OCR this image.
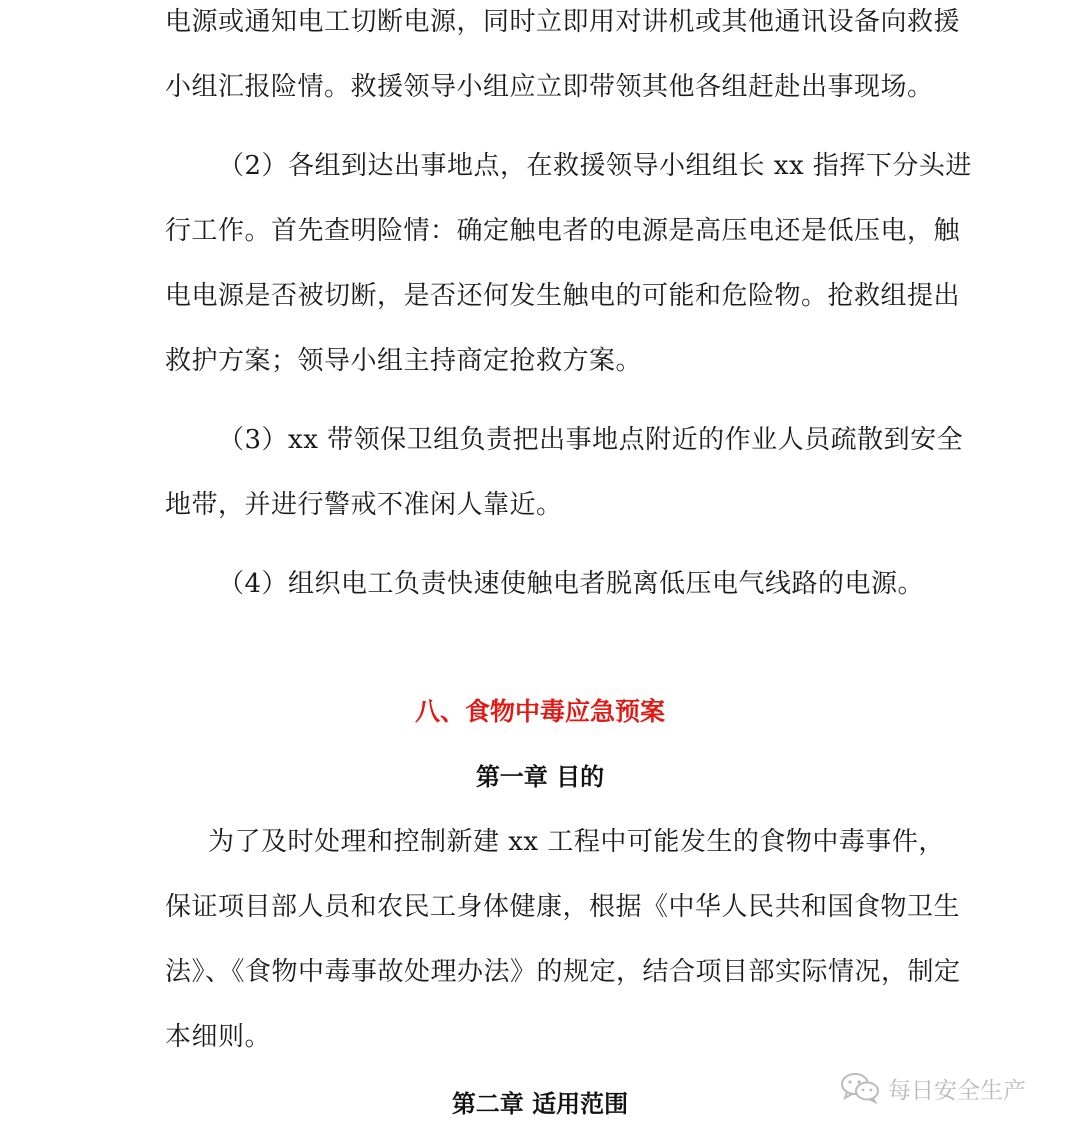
电源或通知电工切断电源，同时立即用对讲机或其他通讯设备向救援
小组汇报险情。救援领导小组应立即带领其他各组赶赴出事现场。
（2）各组到达出事地点，在救援领导小组组长 xx 指挥下分头进
行工作。首先查明险情：确定触电者的电源是高压电还是低压电，触
电电源是否被切断，是否还何发生触电的可能和危险物。抢救组提出
救护方案；领导小组主持商定抢救方案。
（3）xx 带领保卫组负责把出事地点附近的作业人员疏散到安全
地带，并进行警戒不准闲人靠近。
（4）组织电工负责快速使触电者脱离低压电气线路的电源。
八、食物中毒应急预案
第一章 目的
为了及时处理和控制新建 xx 工程中可能发生的食物中毒事件，
保证项目部人员和农民工身体健康，根据《中华人民共和国食物卫生
法》、《食物中毒事故处理办法》的规定，结合项目部实际情况，制定
本细则。
第二章 适用范围	每日安全生产
